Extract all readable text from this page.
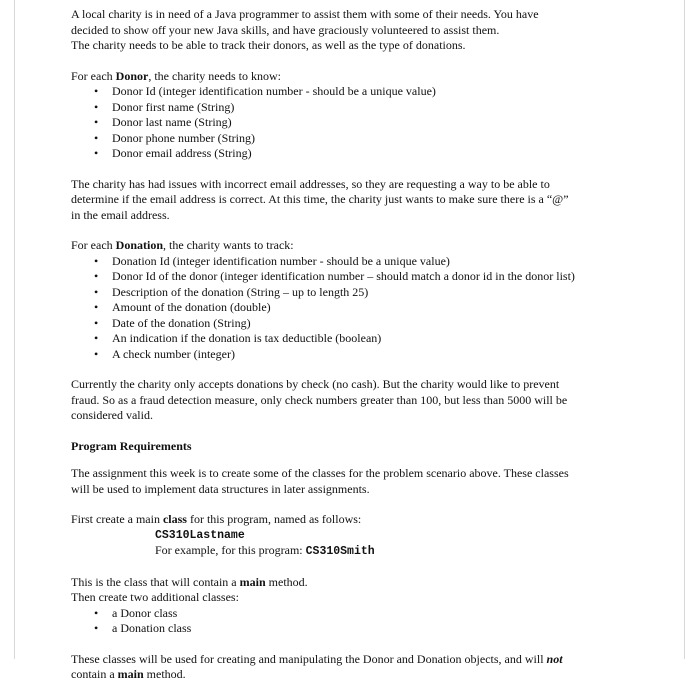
A local charity is in need of a Java programmer to assist them with some of their needs. You have

decided to show off your new Java skills, and have graciously volunteered to assist them.

The charity needs to be able to track their donors, as well as the type of donations.

For each Donor, the charity needs to know:

• Donor Id (integer identification number - should be a unique value)
• Donor first name (String)
• Donor last name (String)
• Donor phone number (String)
• Donor email address (String)

The charity has had issues with incorrect email addresses, so they are requesting a way to be able to

determine if the email address is correct. At this time, the charity just wants to make sure there is a “@”

in the email address.

For each Donation, the charity wants to track:

• Donation Id (integer identification number - should be a unique value)
• Donor Id of the donor (integer identification number – should match a donor id in the donor list)
• Description of the donation (String – up to length 25)
• Amount of the donation (double)
• Date of the donation (String)
• An indication if the donation is tax deductible (boolean)
• A check number (integer)

Currently the charity only accepts donations by check (no cash). But the charity would like to prevent

fraud. So as a fraud detection measure, only check numbers greater than 100, but less than 5000 will be

considered valid.

Program Requirements

The assignment this week is to create some of the classes for the problem scenario above. These classes

will be used to implement data structures in later assignments.

First create a main class for this program, named as follows:

CS310Lastname

For example, for this program: CS310Smith

This is the class that will contain a main method.

Then create two additional classes:

• a Donor class
• a Donation class

These classes will be used for creating and manipulating the Donor and Donation objects, and will not

contain a main method.
